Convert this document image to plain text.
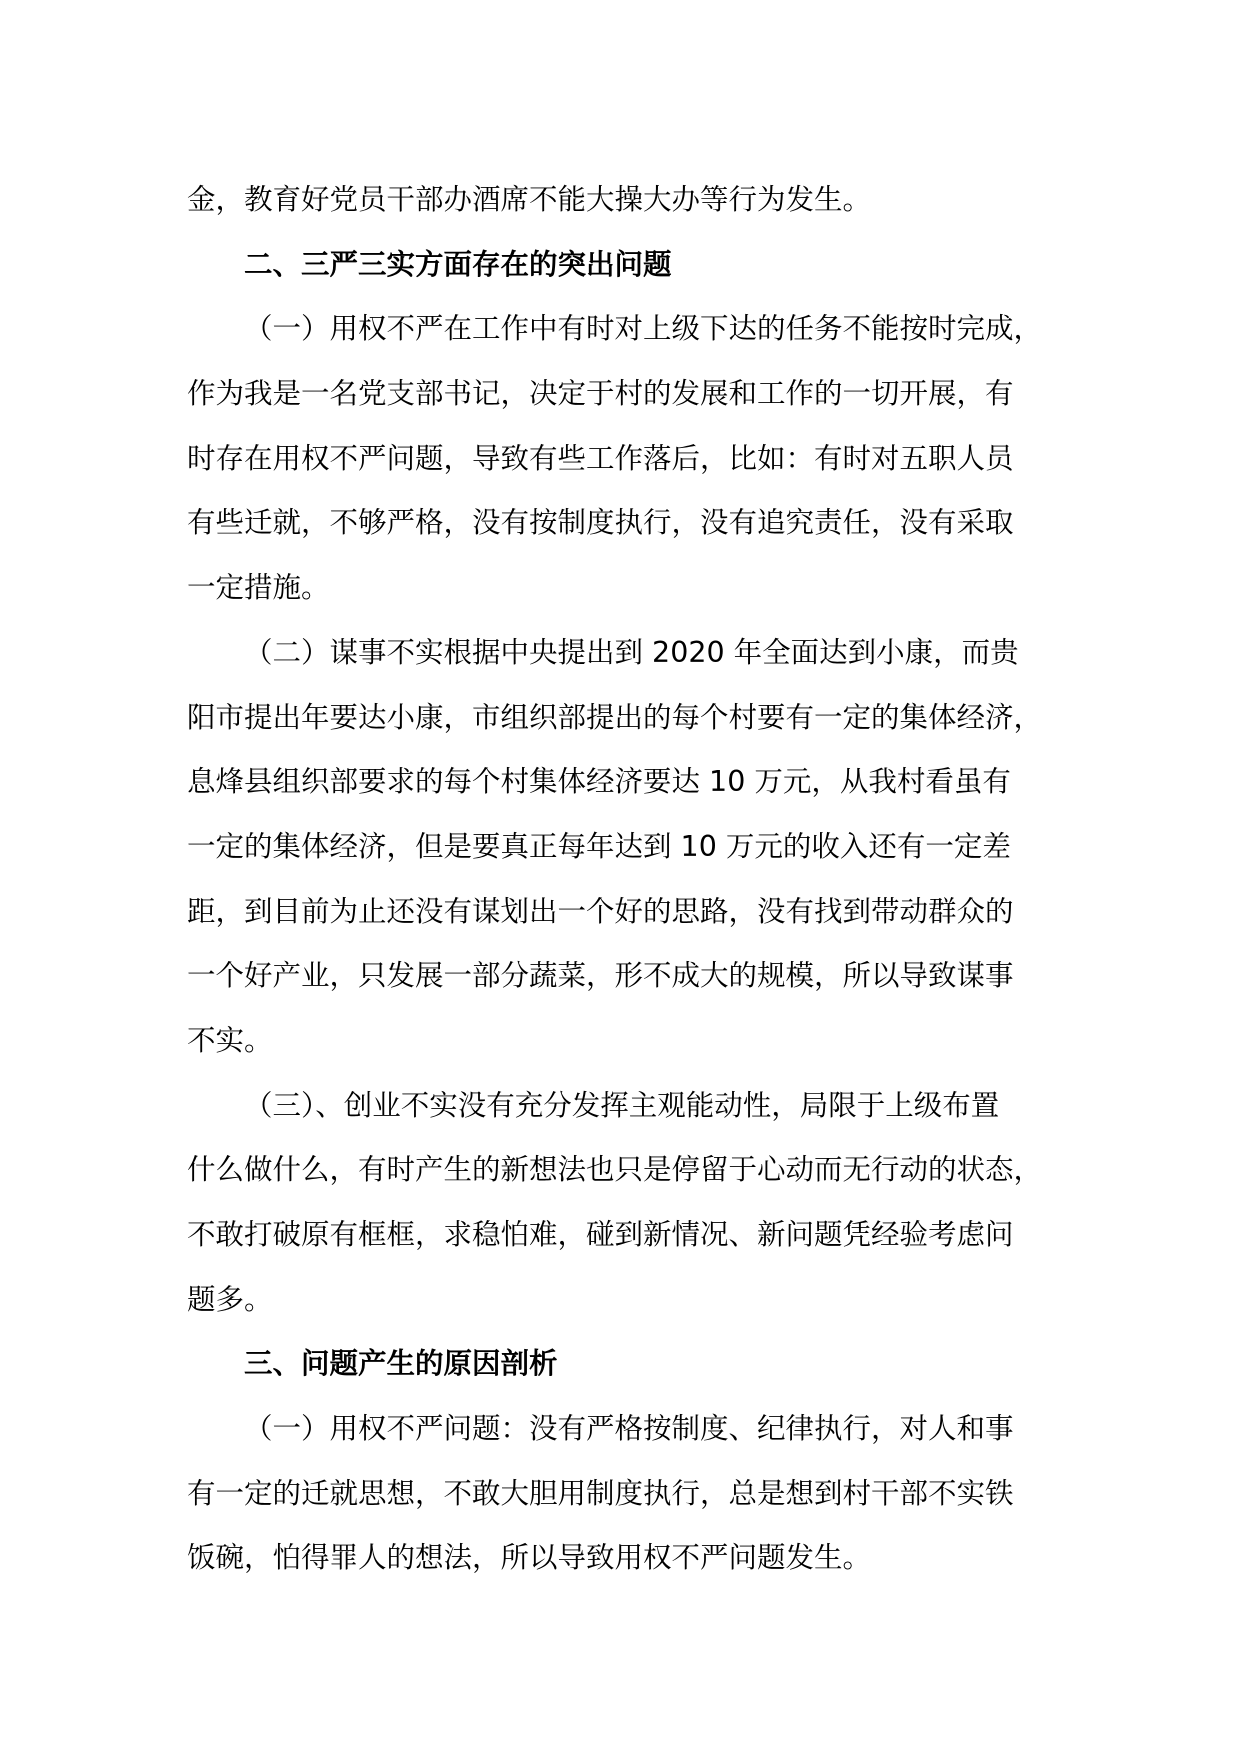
金，教育好党员干部办酒席不能大操大办等行为发生。
二、三严三实方面存在的突出问题
（一）用权不严在工作中有时对上级下达的任务不能按时完成，
作为我是一名党支部书记，决定于村的发展和工作的一切开展，有
时存在用权不严问题，导致有些工作落后，比如：有时对五职人员
有些迁就，不够严格，没有按制度执行，没有追究责任，没有采取
一定措施。
（二）谋事不实根据中央提出到 2020 年全面达到小康，而贵
阳市提出年要达小康，市组织部提出的每个村要有一定的集体经济，
息烽县组织部要求的每个村集体经济要达 10 万元，从我村看虽有
一定的集体经济，但是要真正每年达到 10 万元的收入还有一定差
距，到目前为止还没有谋划出一个好的思路，没有找到带动群众的
一个好产业，只发展一部分蔬菜，形不成大的规模，所以导致谋事
不实。
（三）、创业不实没有充分发挥主观能动性，局限于上级布置
什么做什么，有时产生的新想法也只是停留于心动而无行动的状态，
不敢打破原有框框，求稳怕难，碰到新情况、新问题凭经验考虑问
题多。
三、问题产生的原因剖析
（一）用权不严问题：没有严格按制度、纪律执行，对人和事
有一定的迁就思想，不敢大胆用制度执行，总是想到村干部不实铁
饭碗，怕得罪人的想法，所以导致用权不严问题发生。
